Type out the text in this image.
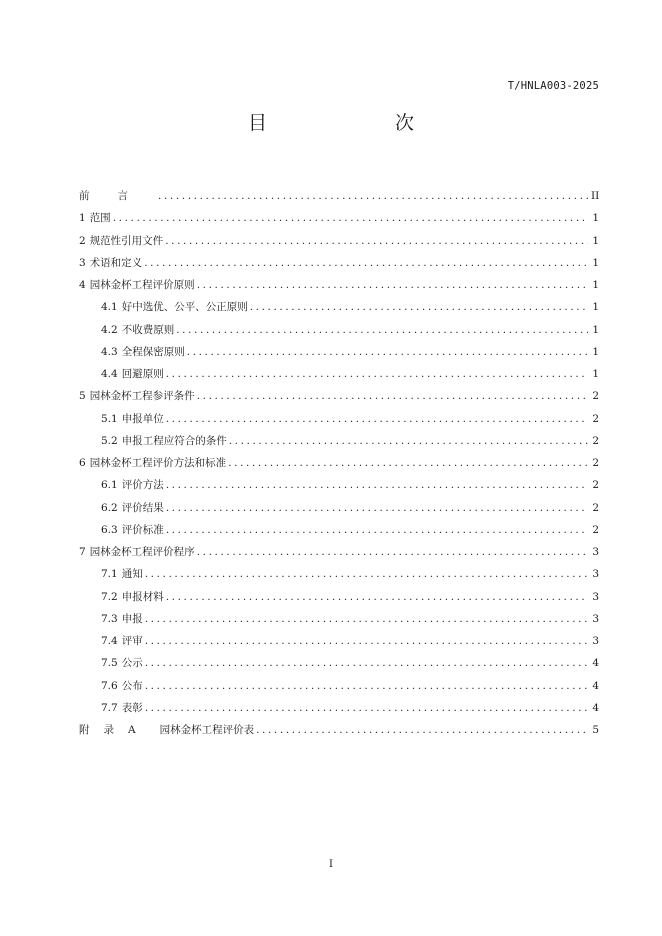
T/HNLA003-2025
目　　次
前言 .....	II
1 范围 .....	1
2 规范性引用文件 .....	1
3 术语和定义 .....	1
4 园林金杯工程评价原则 .....	1
4.1 好中选优、公平、公正原则 .....	1
4.2 不收费原则 .....	1
4.3 全程保密原则 .....	1
4.4 回避原则 .....	1
5 园林金杯工程参评条件 .....	2
5.1 申报单位 .....	2
5.2 申报工程应符合的条件 .....	2
6 园林金杯工程评价方法和标准 .....	2
6.1 评价方法 .....	2
6.2 评价结果 .....	2
6.3 评价标准 .....	2
7 园林金杯工程评价程序 .....	3
7.1 通知 .....	3
7.2 申报材料 .....	3
7.3 申报 .....	3
7.4 评审 .....	3
7.5 公示 .....	4
7.6 公布 .....	4
7.7 表彰 .....	4
附录 A 园林金杯工程评价表 .....	5
I
